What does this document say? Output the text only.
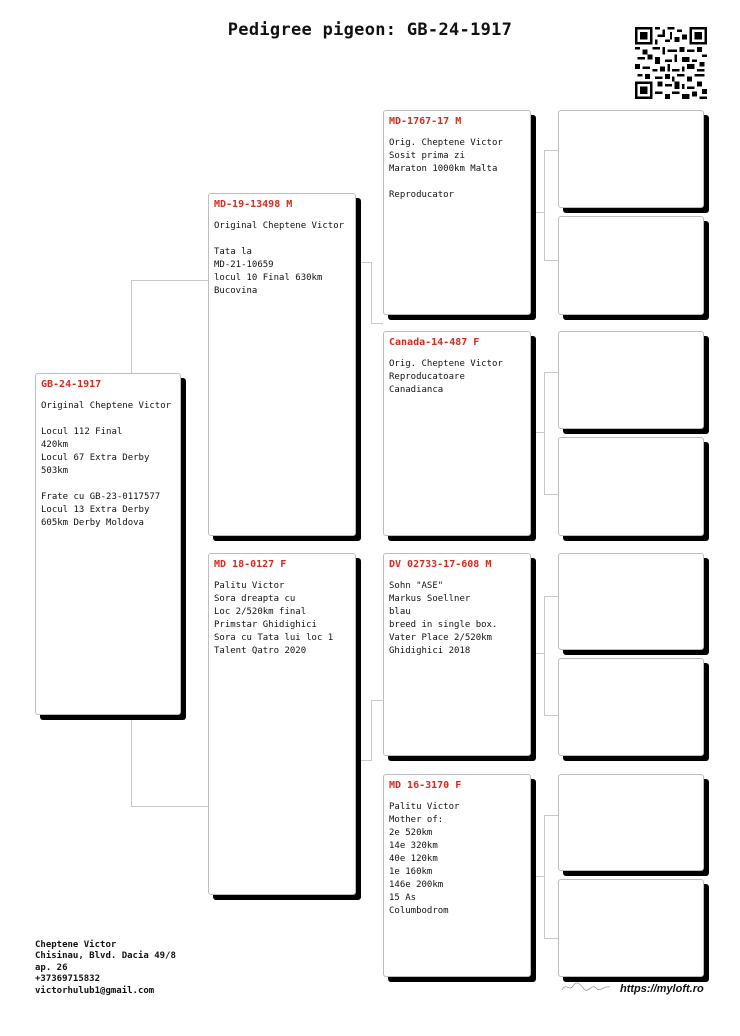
Pedigree pigeon: GB-24-1917
GB-24-1917
Original Cheptene Victor

Locul 112 Final
420km
Locul 67 Extra Derby
503km

Frate cu GB-23-0117577
Locul 13 Extra Derby
605km Derby Moldova
MD-19-13498 M
Original Cheptene Victor

Tata la
MD-21-10659
locul 10 Final 630km
Bucovina
MD 18-0127 F
Palitu Victor
Sora dreapta cu
Loc 2/520km final
Primstar Ghidighici
Sora cu Tata lui loc 1
Talent Qatro 2020
MD-1767-17 M
Orig. Cheptene Victor
Sosit prima zi
Maraton 1000km Malta

Reproducator
Canada-14-487 F
Orig. Cheptene Victor
Reproducatoare
Canadianca
DV 02733-17-608 M
Sohn "ASE"
Markus Soellner
blau
breed in single box.
Vater Place 2/520km
Ghidighici 2018
MD 16-3170 F
Palitu Victor
Mother of:
2e 520km
14e 320km
40e 120km
1e 160km
146e 200km
15 As
Columbodrom
Cheptene Victor
Chisinau, Blvd. Dacia 49/8
ap. 26
+37369715832
victorhulub1@gmail.com	https://myloft.ro
